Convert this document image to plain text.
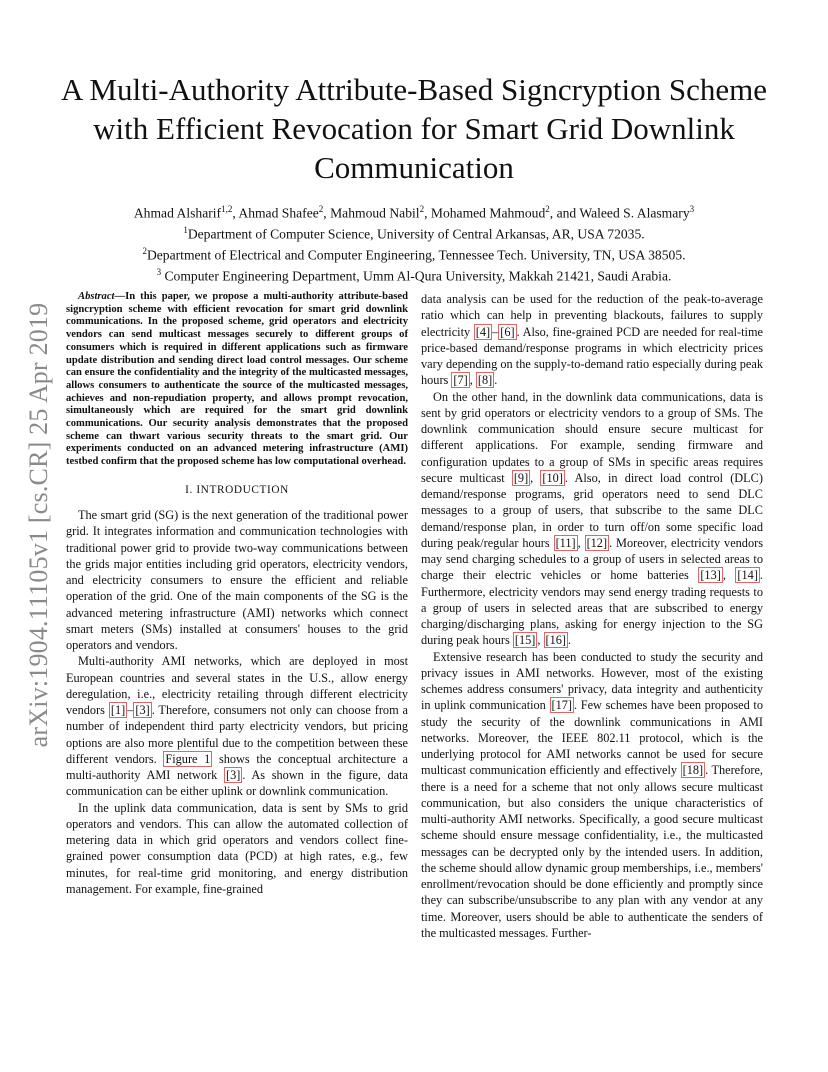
arXiv:1904.11105v1 [cs.CR] 25 Apr 2019
A Multi-Authority Attribute-Based Signcryption Scheme with Efficient Revocation for Smart Grid Downlink Communication
Ahmad Alsharif$^{1,2}$, Ahmad Shafee$^2$, Mahmoud Nabil$^2$, Mohamed Mahmoud$^2$, and Waleed S. Alasmary$^3$
$^1$Department of Computer Science, University of Central Arkansas, AR, USA 72035.
$^2$Department of Electrical and Computer Engineering, Tennessee Tech. University, TN, USA 38505.
$^3$ Computer Engineering Department, Umm Al-Qura University, Makkah 21421, Saudi Arabia.

Abstract—In this paper, we propose a multi-authority attribute-based signcryption scheme with efficient revocation for smart grid downlink communications. In the proposed scheme, grid operators and electricity vendors can send multicast messages securely to different groups of consumers which is required in different applications such as firmware update distribution and sending direct load control messages. Our scheme can ensure the confidentiality and the integrity of the multicasted messages, allows consumers to authenticate the source of the multicasted messages, achieves and non-repudiation property, and allows prompt revocation, simultaneously which are required for the smart grid downlink communications. Our security analysis demonstrates that the proposed scheme can thwart various security threats to the smart grid. Our experiments conducted on an advanced metering infrastructure (AMI) testbed confirm that the proposed scheme has low computational overhead.

I. INTRODUCTION

The smart grid (SG) is the next generation of the traditional power grid. It integrates information and communication technologies with traditional power grid to provide two-way communications between the grids major entities including grid operators, electricity vendors, and electricity consumers to ensure the efficient and reliable operation of the grid. One of the main components of the SG is the advanced metering infrastructure (AMI) networks which connect smart meters (SMs) installed at consumers' houses to the grid operators and vendors.

Multi-authority AMI networks, which are deployed in most European countries and several states in the U.S., allow energy deregulation, i.e., electricity retailing through different electricity vendors [1] – [3] . Therefore, consumers not only can choose from a number of independent third party electricity vendors, but pricing options are also more plentiful due to the competition between these different vendors. Figure 1 shows the conceptual architecture a multi-authority AMI network [3] . As shown in the figure, data communication can be either uplink or downlink communication.

In the uplink data communication, data is sent by SMs to grid operators and vendors. This can allow the automated collection of metering data in which grid operators and vendors collect fine-grained power consumption data (PCD) at high rates, e.g., few minutes, for real-time grid monitoring, and energy distribution management. For example, fine-grained

data analysis can be used for the reduction of the peak-to-average ratio which can help in preventing blackouts, failures to supply electricity [4] – [6] . Also, fine-grained PCD are needed for real-time price-based demand/response programs in which electricity prices vary depending on the supply-to-demand ratio especially during peak hours [7] , [8] .

On the other hand, in the downlink data communications, data is sent by grid operators or electricity vendors to a group of SMs. The downlink communication should ensure secure multicast for different applications. For example, sending firmware and configuration updates to a group of SMs in specific areas requires secure multicast [9] , [10] . Also, in direct load control (DLC) demand/response programs, grid operators need to send DLC messages to a group of users, that subscribe to the same DLC demand/response plan, in order to turn off/on some specific load during peak/regular hours [11] , [12] . Moreover, electricity vendors may send charging schedules to a group of users in selected areas to charge their electric vehicles or home batteries [13] , [14] . Furthermore, electricity vendors may send energy trading requests to a group of users in selected areas that are subscribed to energy charging/discharging plans, asking for energy injection to the SG during peak hours [15] , [16] .

Extensive research has been conducted to study the security and privacy issues in AMI networks. However, most of the existing schemes address consumers' privacy, data integrity and authenticity in uplink communication [17] . Few schemes have been proposed to study the security of the downlink communications in AMI networks. Moreover, the IEEE 802.11 protocol, which is the underlying protocol for AMI networks cannot be used for secure multicast communication efficiently and effectively [18] . Therefore, there is a need for a scheme that not only allows secure multicast communication, but also considers the unique characteristics of multi-authority AMI networks. Specifically, a good secure multicast scheme should ensure message confidentiality, i.e., the multicasted messages can be decrypted only by the intended users. In addition, the scheme should allow dynamic group memberships, i.e., members' enrollment/revocation should be done efficiently and promptly since they can subscribe/unsubscribe to any plan with any vendor at any time. Moreover, users should be able to authenticate the senders of the multicasted messages. Further-
